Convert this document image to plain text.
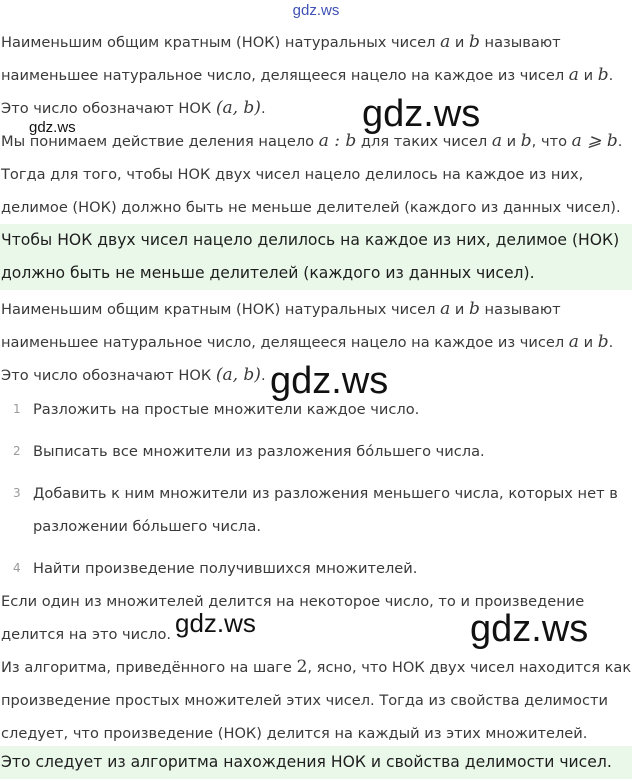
gdz.ws
Наименьшим общим кратным (НОК) натуральных чисел a и b называют
наименьшее натуральное число, делящееся нацело на каждое из чисел a и b.
Это число обозначают НОК (a, b).
Мы понимаем действие деления нацело a : b для таких чисел a и b, что a ⩾ b.
Тогда для того, чтобы НОК двух чисел нацело делилось на каждое из них,
делимое (НОК) должно быть не меньше делителей (каждого из данных чисел).
Чтобы НОК двух чисел нацело делилось на каждое из них, делимое (НОК)
должно быть не меньше делителей (каждого из данных чисел).
Наименьшим общим кратным (НОК) натуральных чисел a и b называют
наименьшее натуральное число, делящееся нацело на каждое из чисел a и b.
Это число обозначают НОК (a, b).
1 Разложить на простые множители каждое число.
2 Выписать все множители из разложения бóльшего числа.
3 Добавить к ним множители из разложения меньшего числа, которых нет в
разложении бóльшего числа.
4 Найти произведение получившихся множителей.
Если один из множителей делится на некоторое число, то и произведение
делится на это число.
Из алгоритма, приведённого на шаге 2, ясно, что НОК двух чисел находится как
произведение простых множителей этих чисел. Тогда из свойства делимости
следует, что произведение (НОК) делится на каждый из этих множителей.
Это следует из алгоритма нахождения НОК и свойства делимости чисел.
gdz.ws
gdz.ws
gdz.ws
gdz.ws	gdz.ws
